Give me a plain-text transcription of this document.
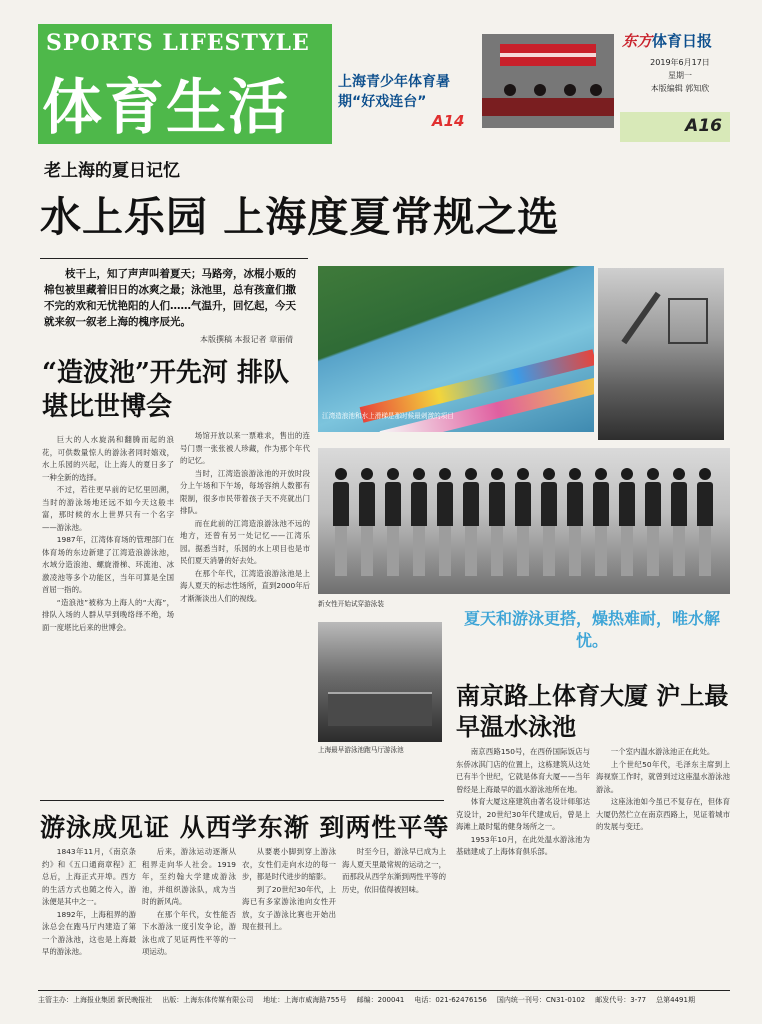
SPORTS LIFESTYLE
体育生活	上海青少年体育暑期“好戏连台”
A14
东方体育日报
2019年6月17日
星期一
本版编辑 郭知欣
A16
老上海的夏日记忆
水上乐园 上海度夏常规之选
枝干上，知了声声叫着夏天；马路旁，冰棍小贩的棉包被里藏着旧日的冰爽之最；泳池里，总有孩童们撒不完的欢和无忧艳阳的人们……气温升，回忆起，今天就来叙一叙老上海的槐序辰光。
本版撰稿 本报记者 章丽倩
“造波池”开先河 排队堪比世博会

巨大的人水旋涡和翻腾而起的浪花，可供数量惊人的游泳者同时嬉戏，水上乐园的兴起，让上海人的夏日多了一种全新的选择。

不过，若往更早前的记忆里回溯，当时的游泳场地还远不如今天这般丰富，那时候的水上世界只有一个名字——游泳池。

1987年，江湾体育场的管理部门在体育场的东边新建了江湾造浪游泳池，水域分造浪池、螺旋滑梯、环流池、冰激凌池等多个功能区，当年可算是全国首屈一指的。

“造浪池”被称为上海人的“大海”，排队入场的人群从早到晚络绎不绝，场面一度堪比后来的世博会。

场馆开放以来一票难求，售出的连号门票一张张被人珍藏，作为那个年代的记忆。

当时，江湾造浪游泳池的开放时段分上午场和下午场，每场容纳人数都有限制，很多市民带着孩子天不亮就出门排队。

而在此前的江湾造浪游泳池不远的地方，还曾有另一处记忆——江湾乐园。据悉当时，乐园的水上项目也是市民们夏天消暑的好去处。

在那个年代，江湾造浪游泳池是上海人夏天的标志性场所，直到2000年后才渐渐淡出人们的视线。

江湾造浪池和水上滑梯是那时候最刺激的项目
新女性开始试穿游泳装
上海最早游泳池跑马厅游泳池
夏天和游泳更搭，燥热难耐，唯水解忧。
南京路上体育大厦 沪上最早温水泳池

南京西路150号，在西侨国际饭店与东侨冰淇门店的位置上，这栋建筑从这处已有半个世纪，它就是体育大厦——当年曾经是上海最早的温水游泳池所在地。

体育大厦这座建筑由著名设计师邬达克设计，20世纪30年代建成后，曾是上海滩上最时髦的健身场所之一。

1953年10月，在此处温水游泳池为基础建成了上海体育俱乐部。

一个室内温水游泳池正在此处。

上个世纪50年代，毛泽东主席到上海视察工作时，就曾到过这座温水游泳池游泳。

这座泳池如今虽已不复存在，但体育大厦仍然伫立在南京西路上，见证着城市的发展与变迁。

游泳成见证 从西学东渐 到两性平等

1843年11月，《南京条约》和《五口通商章程》汇总后，上海正式开埠。西方的生活方式也随之传入，游泳便是其中之一。

1892年，上海租界的游泳总会在跑马厅内建造了第一个游泳池，这也是上海最早的游泳池。

后来，游泳运动逐渐从租界走向华人社会。1919年，至约翰大学建成游泳池，并组织游泳队，成为当时的新风尚。

在那个年代，女性能否下水游泳一度引发争论，游泳也成了见证两性平等的一项运动。

从要裹小脚到穿上游泳衣，女性们走向水边的每一步，都是时代进步的缩影。

到了20世纪30年代，上海已有多家游泳池向女性开放，女子游泳比赛也开始出现在报刊上。

时至今日，游泳早已成为上海人夏天里最常规的运动之一，而那段从西学东渐到两性平等的历史，依旧值得被回味。

主管主办：上海报业集团 新民晚报社 出版：上海东体传媒有限公司 地址：上海市威海路755号 邮编：200041 电话：021-62476156 国内统一刊号：CN31-0102 邮发代号：3-77 总第4491期
